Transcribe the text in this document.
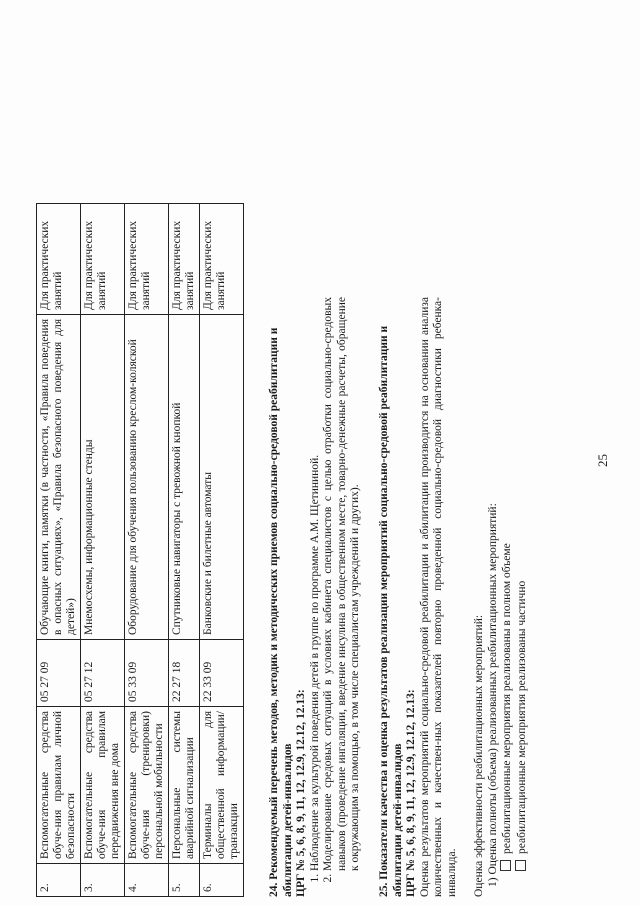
2.	Вспомогательные средства обуче-ния правилам личной безопасности	05 27 09	Обучающие книги, памятки (в частности, «Правила поведения в опасных ситуациях», «Правила безопасного поведения для детей»)	Для практических занятий
3.	Вспомогательные средства обуче-ния правилам передвижения вне дома	05 27 12	Мнемосхемы, информационные стенды	Для практических занятий
4.	Вспомогательные средства обуче-ния (тренировки) персональной мобильности	05 33 09	Оборудование для обучения пользованию креслом-коляской	Для практических занятий
5.	Персональные системы аварийной сигнализации	22 27 18	Спутниковые навигаторы с тревожной кнопкой	Для практических занятий
6.	Терминалы для общественной информации/транзакции	22 33 09	Банковские и билетные автоматы	Для практических занятий

24. Рекомендуемый перечень методов, методик и методических приемов социально-средовой реабилитации и абилитации детей-инвалидов ЦРГ № 5, 6, 8, 9, 11, 12, 12.9, 12.12, 12.13: 1. Наблюдение за культурой поведения детей в группе по программе А.М. Щетининой. 2. Моделирование средовых ситуаций в условиях кабинета специалистов с целью отработки социально-средовых навыков (проведение ингаляции, введение инсулина в общественном месте, товарно-денежные расчеты, обращение к окружающим за помощью, в том числе специалистам учреждений и других). 25. Показатели качества и оценка результатов реализации мероприятий социально-средовой реабилитации и абилитации детей-инвалидов ЦРГ № 5, 6, 8, 9, 11, 12, 12.9, 12.12, 12.13: Оценка результатов мероприятий социально-средовой реабилитации и абилитации производится на основании анализа количественных и качествен-ных показателей повторно проведенной социально-средовой диагностики ребенка-инвалида. Оценка эффективности реабилитационных мероприятий: 1) Оценка полноты (объема) реализованных реабилитационных мероприятий: реабилитационные мероприятия реализованы в полном объеме реабилитационные мероприятия реализованы частично

25
